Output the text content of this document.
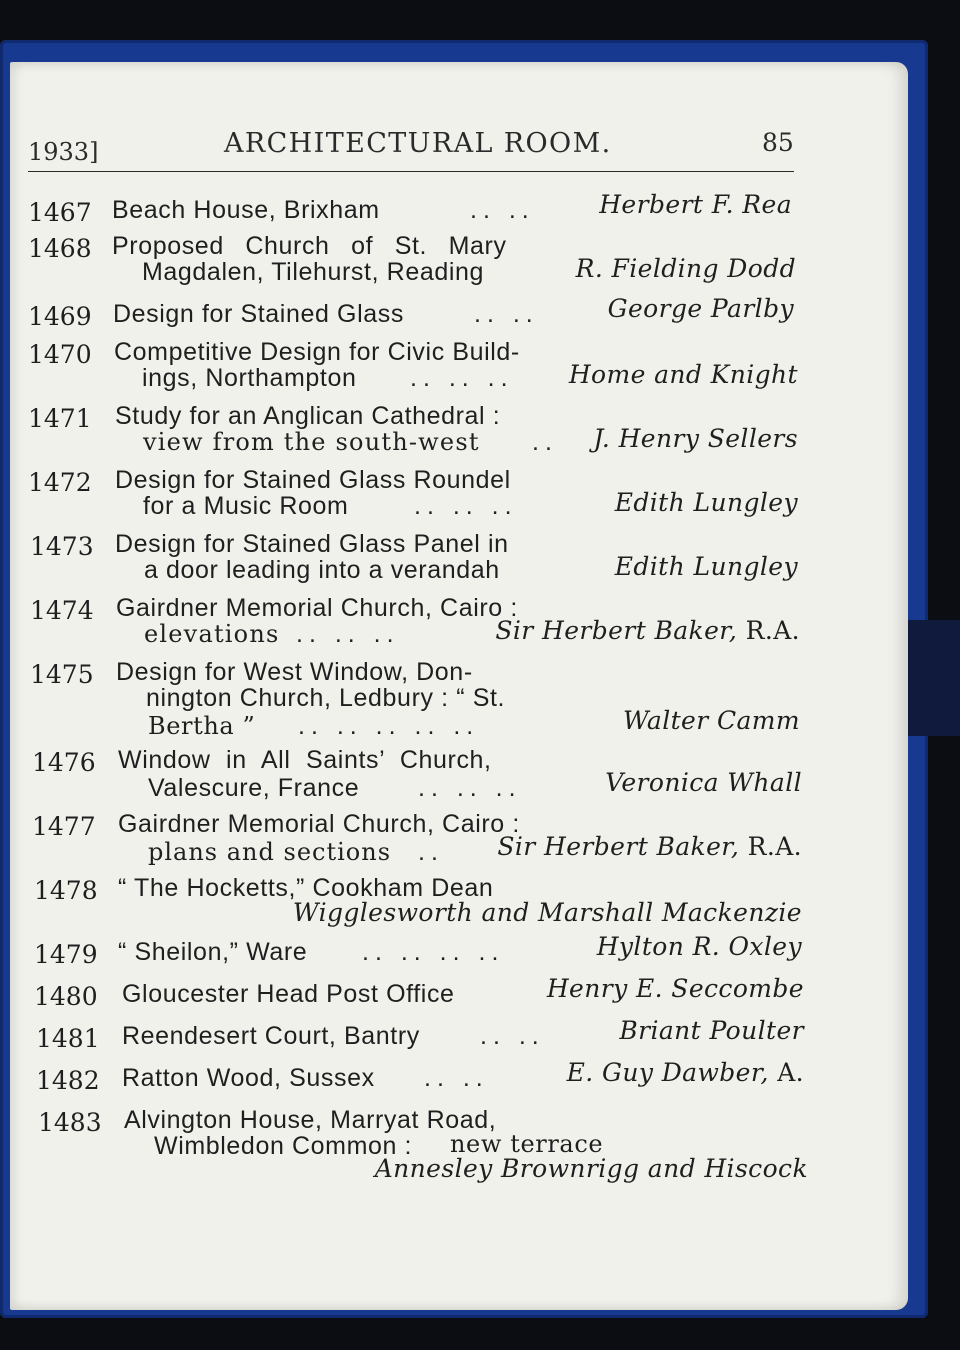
1933]	ARCHITECTURAL ROOM.	85
1467 Beach House, Brixham	.. ..	Herbert F. Rea
1468 Proposed Church of St. Mary
Magdalen, Tilehurst, Reading	R. Fielding Dodd
1469 Design for Stained Glass	.. ..	George Parlby
1470 Competitive Design for Civic Build-
ings, Northampton .. .. .. Home and Knight
1471 Study for an Anglican Cathedral :
view from the south-west .. J. Henry Sellers
1472 Design for Stained Glass Roundel
for a Music Room	.. .. ..	Edith Lungley
1473 Design for Stained Glass Panel in
a door leading into a verandah	Edith Lungley
1474 Gairdner Memorial Church, Cairo :
elevations .. .. ..	Sir Herbert Baker, R.A.
1475 Design for West Window, Don-
nington Church, Ledbury : “ St.
Bertha ” .. .. .. .. ..	Walter Camm
1476 Window in All Saints’ Church,
Valescure, France .. .. ..	Veronica Whall
1477 Gairdner Memorial Church, Cairo :
plans and sections .. Sir Herbert Baker, R.A.
1478 “ The Hocketts,” Cookham Dean
Wigglesworth and Marshall Mackenzie
1479 “ Sheilon,” Ware .. .. .. ..	Hylton R. Oxley
1480 Gloucester Head Post Office	Henry E. Seccombe
1481 Reendesert Court, Bantry .. ..	Briant Poulter
1482 Ratton Wood, Sussex .. ..	E. Guy Dawber, A.
1483 Alvington House, Marryat Road,
Wimbledon Common : new terrace
Annesley Brownrigg and Hiscock
